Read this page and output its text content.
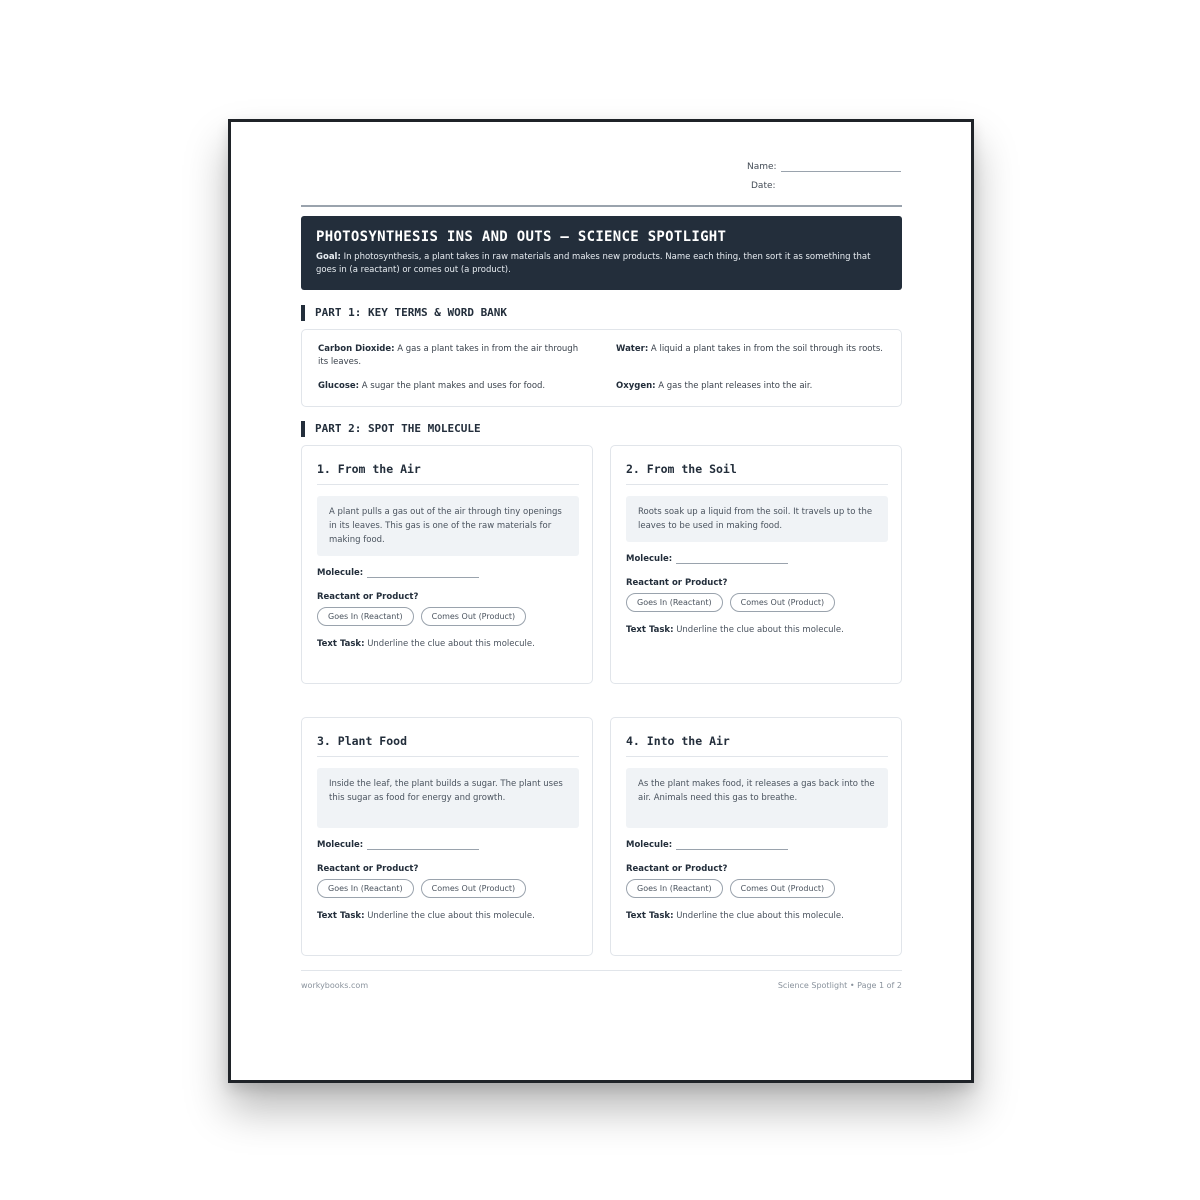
Name:
Date:
PHOTOSYNTHESIS INS AND OUTS — SCIENCE SPOTLIGHT
Goal: In photosynthesis, a plant takes in raw materials and makes new products. Name each thing, then sort it as something that goes in (a reactant) or comes out (a product).
PART 1: KEY TERMS & WORD BANK
Carbon Dioxide: A gas a plant takes in from the air through its leaves.
Water: A liquid a plant takes in from the soil through its roots.
Glucose: A sugar the plant makes and uses for food.	Oxygen: A gas the plant releases into the air.
PART 2: SPOT THE MOLECULE
1. From the Air
A plant pulls a gas out of the air through tiny openings in its leaves. This gas is one of the raw materials for making food.
Molecule:
Reactant or Product?
Goes In (Reactant)	Comes Out (Product)
Text Task: Underline the clue about this molecule.
2. From the Soil
Roots soak up a liquid from the soil. It travels up to the leaves to be used in making food.
Molecule:
Reactant or Product?
Goes In (Reactant)	Comes Out (Product)
Text Task: Underline the clue about this molecule.
3. Plant Food
Inside the leaf, the plant builds a sugar. The plant uses this sugar as food for energy and growth.
Molecule:
Reactant or Product?
Goes In (Reactant)	Comes Out (Product)
Text Task: Underline the clue about this molecule.
4. Into the Air
As the plant makes food, it releases a gas back into the air. Animals need this gas to breathe.
Molecule:
Reactant or Product?
Goes In (Reactant)	Comes Out (Product)
Text Task: Underline the clue about this molecule.
workybooks.com	Science Spotlight • Page 1 of 2
